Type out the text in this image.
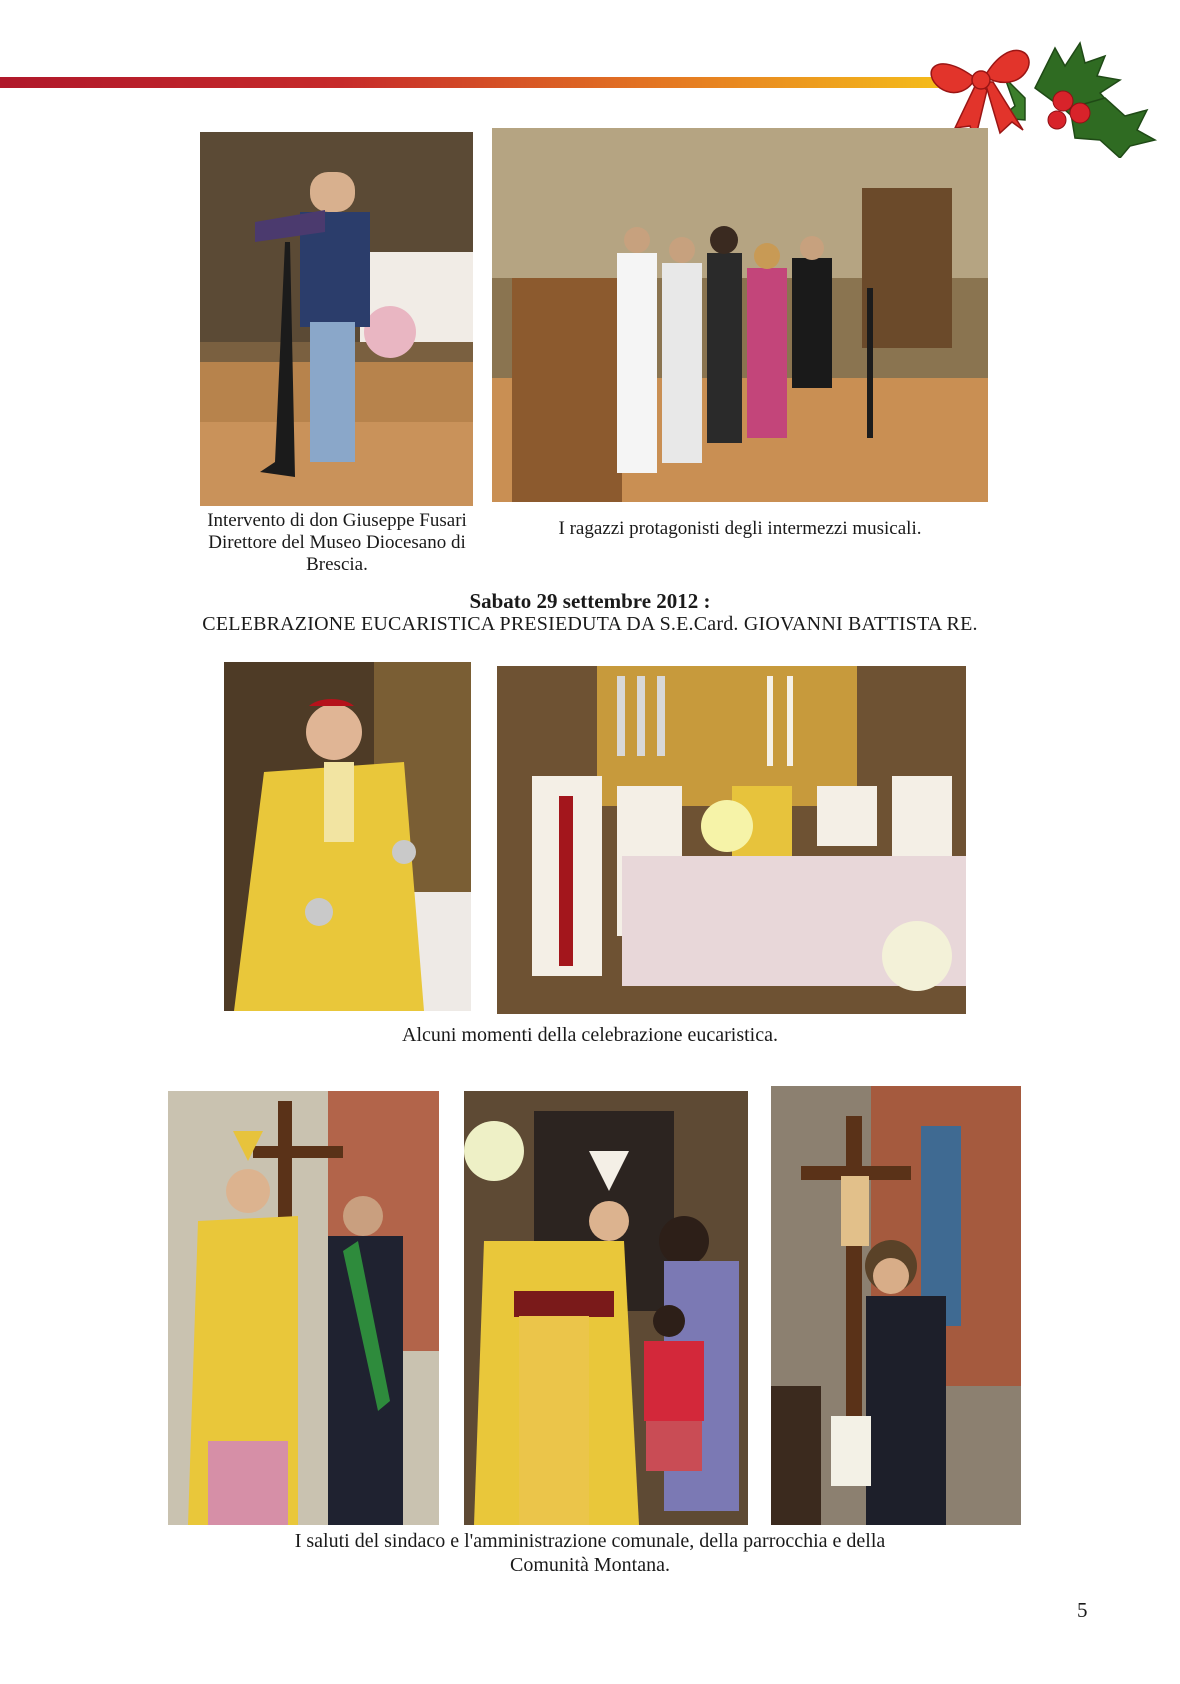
Intervento di don Giuseppe Fusari Direttore del Museo Diocesano di Brescia.
I ragazzi protagonisti degli intermezzi musicali.
Sabato 29 settembre 2012 :
CELEBRAZIONE EUCARISTICA PRESIEDUTA DA S.E.Card. GIOVANNI BATTISTA RE.
Alcuni momenti della celebrazione eucaristica.
I saluti del sindaco e l'amministrazione comunale, della parrocchia e della
Comunità Montana.
5
